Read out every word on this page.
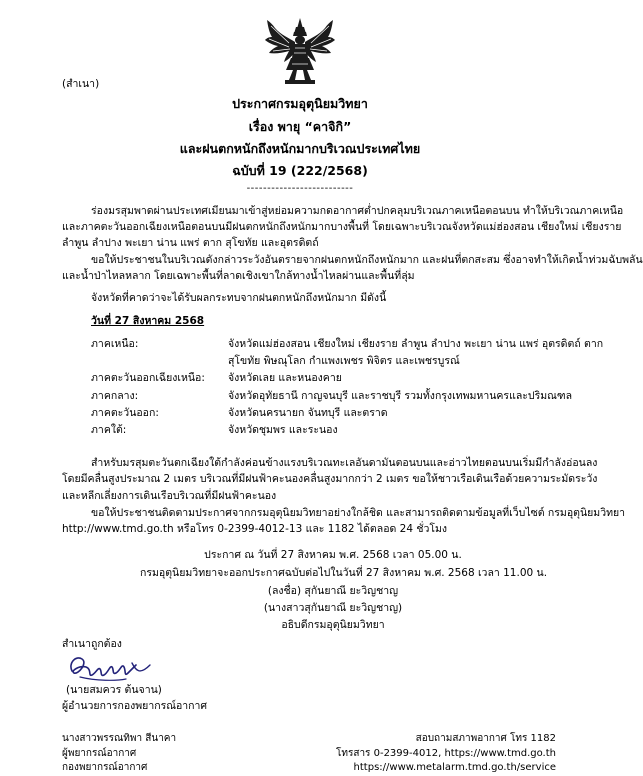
(สำเนา)
ประกาศกรมอุตุนิยมวิทยา
เรื่อง พายุ “คาจิกิ”
และฝนตกหนักถึงหนักมากบริเวณประเทศไทย
ฉบับที่ 19 (222/2568)
--------------------------
ร่องมรสุมพาดผ่านประเทศเมียนมาเข้าสู่หย่อมความกดอากาศต่ำปกคลุมบริเวณภาคเหนือตอนบน ทำให้บริเวณภาคเหนือ
และภาคตะวันออกเฉียงเหนือตอนบนมีฝนตกหนักถึงหนักมากบางพื้นที่ โดยเฉพาะบริเวณจังหวัดแม่ฮ่องสอน เชียงใหม่ เชียงราย
ลำพูน ลำปาง พะเยา น่าน แพร่ ตาก สุโขทัย และอุตรดิตถ์
ขอให้ประชาชนในบริเวณดังกล่าวระวังอันตรายจากฝนตกหนักถึงหนักมาก และฝนที่ตกสะสม ซึ่งอาจทำให้เกิดน้ำท่วมฉับพลัน
และน้ำป่าไหลหลาก โดยเฉพาะพื้นที่ลาดเชิงเขาใกล้ทางน้ำไหลผ่านและพื้นที่ลุ่ม
จังหวัดที่คาดว่าจะได้รับผลกระทบจากฝนตกหนักถึงหนักมาก มีดังนี้
วันที่ 27 สิงหาคม 2568
ภาคเหนือ:	จังหวัดแม่ฮ่องสอน เชียงใหม่ เชียงราย ลำพูน ลำปาง พะเยา น่าน แพร่ อุตรดิตถ์ ตาก
สุโขทัย พิษณุโลก กำแพงเพชร พิจิตร และเพชรบูรณ์
ภาคตะวันออกเฉียงเหนือ:	จังหวัดเลย และหนองคาย
ภาคกลาง:	จังหวัดอุทัยธานี กาญจนบุรี และราชบุรี รวมทั้งกรุงเทพมหานครและปริมณฑล
ภาคตะวันออก:	จังหวัดนครนายก จันทบุรี และตราด
ภาคใต้:	จังหวัดชุมพร และระนอง
สำหรับมรสุมตะวันตกเฉียงใต้กำลังค่อนข้างแรงบริเวณทะเลอันดามันตอนบนและอ่าวไทยตอนบนเริ่มมีกำลังอ่อนลง
โดยมีคลื่นสูงประมาณ 2 เมตร บริเวณที่มีฝนฟ้าคะนองคลื่นสูงมากกว่า 2 เมตร ขอให้ชาวเรือเดินเรือด้วยความระมัดระวัง
และหลีกเลี่ยงการเดินเรือบริเวณที่มีฝนฟ้าคะนอง
ขอให้ประชาชนติดตามประกาศจากกรมอุตุนิยมวิทยาอย่างใกล้ชิด และสามารถติดตามข้อมูลที่เว็บไซต์ กรมอุตุนิยมวิทยา
http://www.tmd.go.th หรือโทร 0-2399-4012-13 และ 1182 ได้ตลอด 24 ชั่วโมง
ประกาศ ณ วันที่ 27 สิงหาคม พ.ศ. 2568 เวลา 05.00 น.
กรมอุตุนิยมวิทยาจะออกประกาศฉบับต่อไปในวันที่ 27 สิงหาคม พ.ศ. 2568 เวลา 11.00 น.
(ลงชื่อ) สุกันยาณี ยะวิญชาญ
(นางสาวสุกันยาณี ยะวิญชาญ)
อธิบดีกรมอุตุนิยมวิทยา
สำเนาถูกต้อง
(นายสมควร ต้นจาน)
ผู้อำนวยการกองพยากรณ์อากาศ
นางสาวพรรณทิพา สีนาคา
ผู้พยากรณ์อากาศ
กองพยากรณ์อากาศ
สอบถามสภาพอากาศ โทร 1182
โทรสาร 0-2399-4012, https://www.tmd.go.th
https://www.metalarm.tmd.go.th/service
